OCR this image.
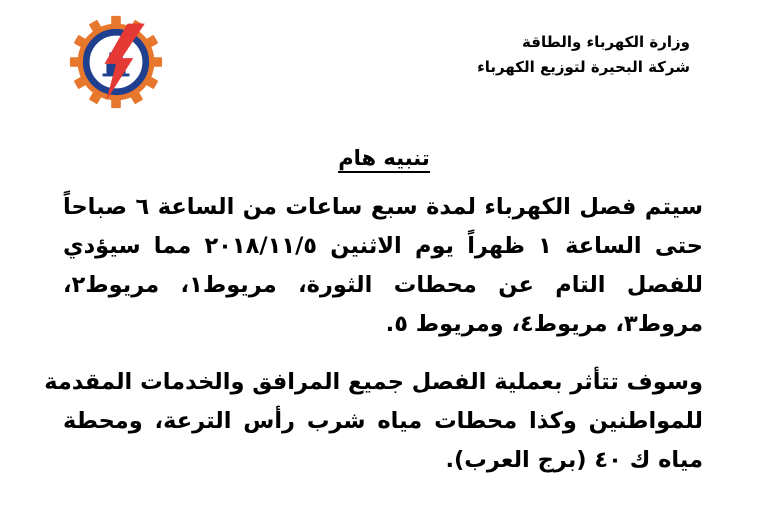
وزارة الكهرباء والطاقة
شركة البحيرة لتوزيع الكهرباء
تنبيه هام
سيتم فصل الكهرباء لمدة سبع ساعات من الساعة ٦ صباحاً
حتى الساعة ١ ظهراً يوم الاثنين ٢٠١٨/١١/٥ مما سيؤدي
للفصل التام عن محطات الثورة، مريوط١، مريوط٢،
مروط٣، مريوط٤، ومريوط ٥.
وسوف تتأثر بعملية الفصل جميع المرافق والخدمات المقدمة
للمواطنين وكذا محطات مياه شرب رأس الترعة، ومحطة
مياه ك ٤٠ (برج العرب).
